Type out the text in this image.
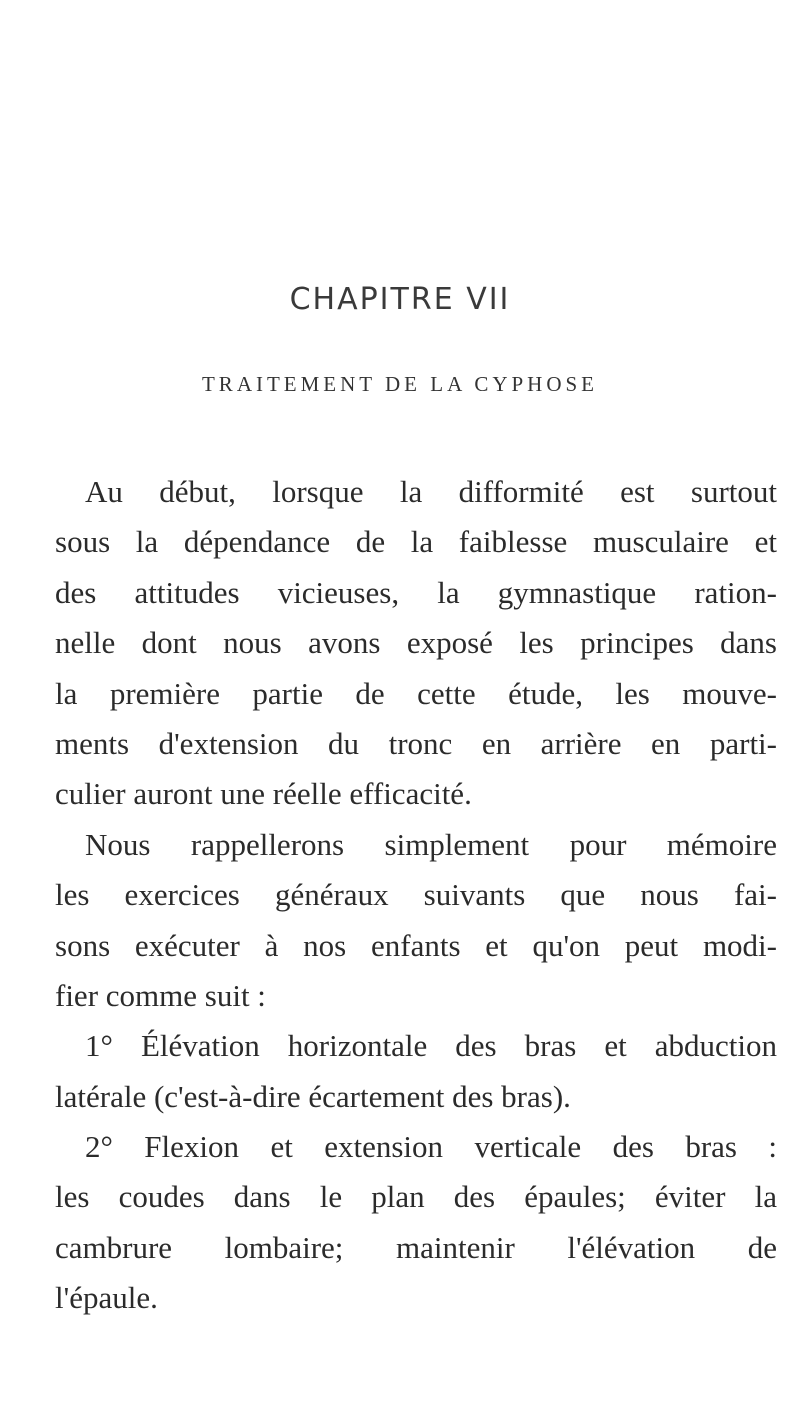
CHAPITRE VII
TRAITEMENT DE LA CYPHOSE
Au début, lorsque la difformité est surtout
sous la dépendance de la faiblesse musculaire et
des attitudes vicieuses, la gymnastique ration-
nelle dont nous avons exposé les principes dans
la première partie de cette étude, les mouve-
ments d'extension du tronc en arrière en parti-
culier auront une réelle efficacité.
Nous rappellerons simplement pour mémoire
les exercices généraux suivants que nous fai-
sons exécuter à nos enfants et qu'on peut modi-
fier comme suit :
1° Élévation horizontale des bras et abduction
latérale (c'est-à-dire écartement des bras).
2° Flexion et extension verticale des bras :
les coudes dans le plan des épaules; éviter la
cambrure lombaire; maintenir l'élévation de
l'épaule.
